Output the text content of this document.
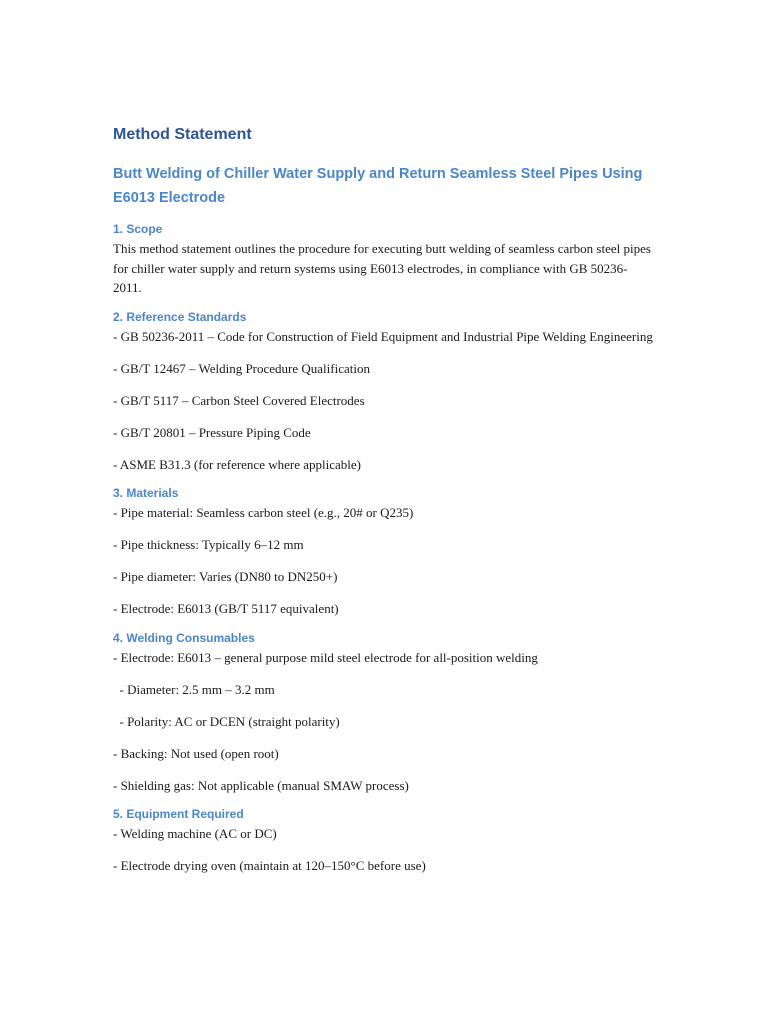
Method Statement
Butt Welding of Chiller Water Supply and Return Seamless Steel Pipes Using E6013 Electrode
1. Scope

This method statement outlines the procedure for executing butt welding of seamless carbon steel pipes for chiller water supply and return systems using E6013 electrodes, in compliance with GB 50236-2011.

2. Reference Standards

- GB 50236-2011 – Code for Construction of Field Equipment and Industrial Pipe Welding Engineering

- GB/T 12467 – Welding Procedure Qualification

- GB/T 5117 – Carbon Steel Covered Electrodes

- GB/T 20801 – Pressure Piping Code

- ASME B31.3 (for reference where applicable)

3. Materials

- Pipe material: Seamless carbon steel (e.g., 20# or Q235)

- Pipe thickness: Typically 6–12 mm

- Pipe diameter: Varies (DN80 to DN250+)

- Electrode: E6013 (GB/T 5117 equivalent)

4. Welding Consumables

- Electrode: E6013 – general purpose mild steel electrode for all-position welding

- Diameter: 2.5 mm – 3.2 mm

- Polarity: AC or DCEN (straight polarity)

- Backing: Not used (open root)

- Shielding gas: Not applicable (manual SMAW process)

5. Equipment Required

- Welding machine (AC or DC)

- Electrode drying oven (maintain at 120–150°C before use)
